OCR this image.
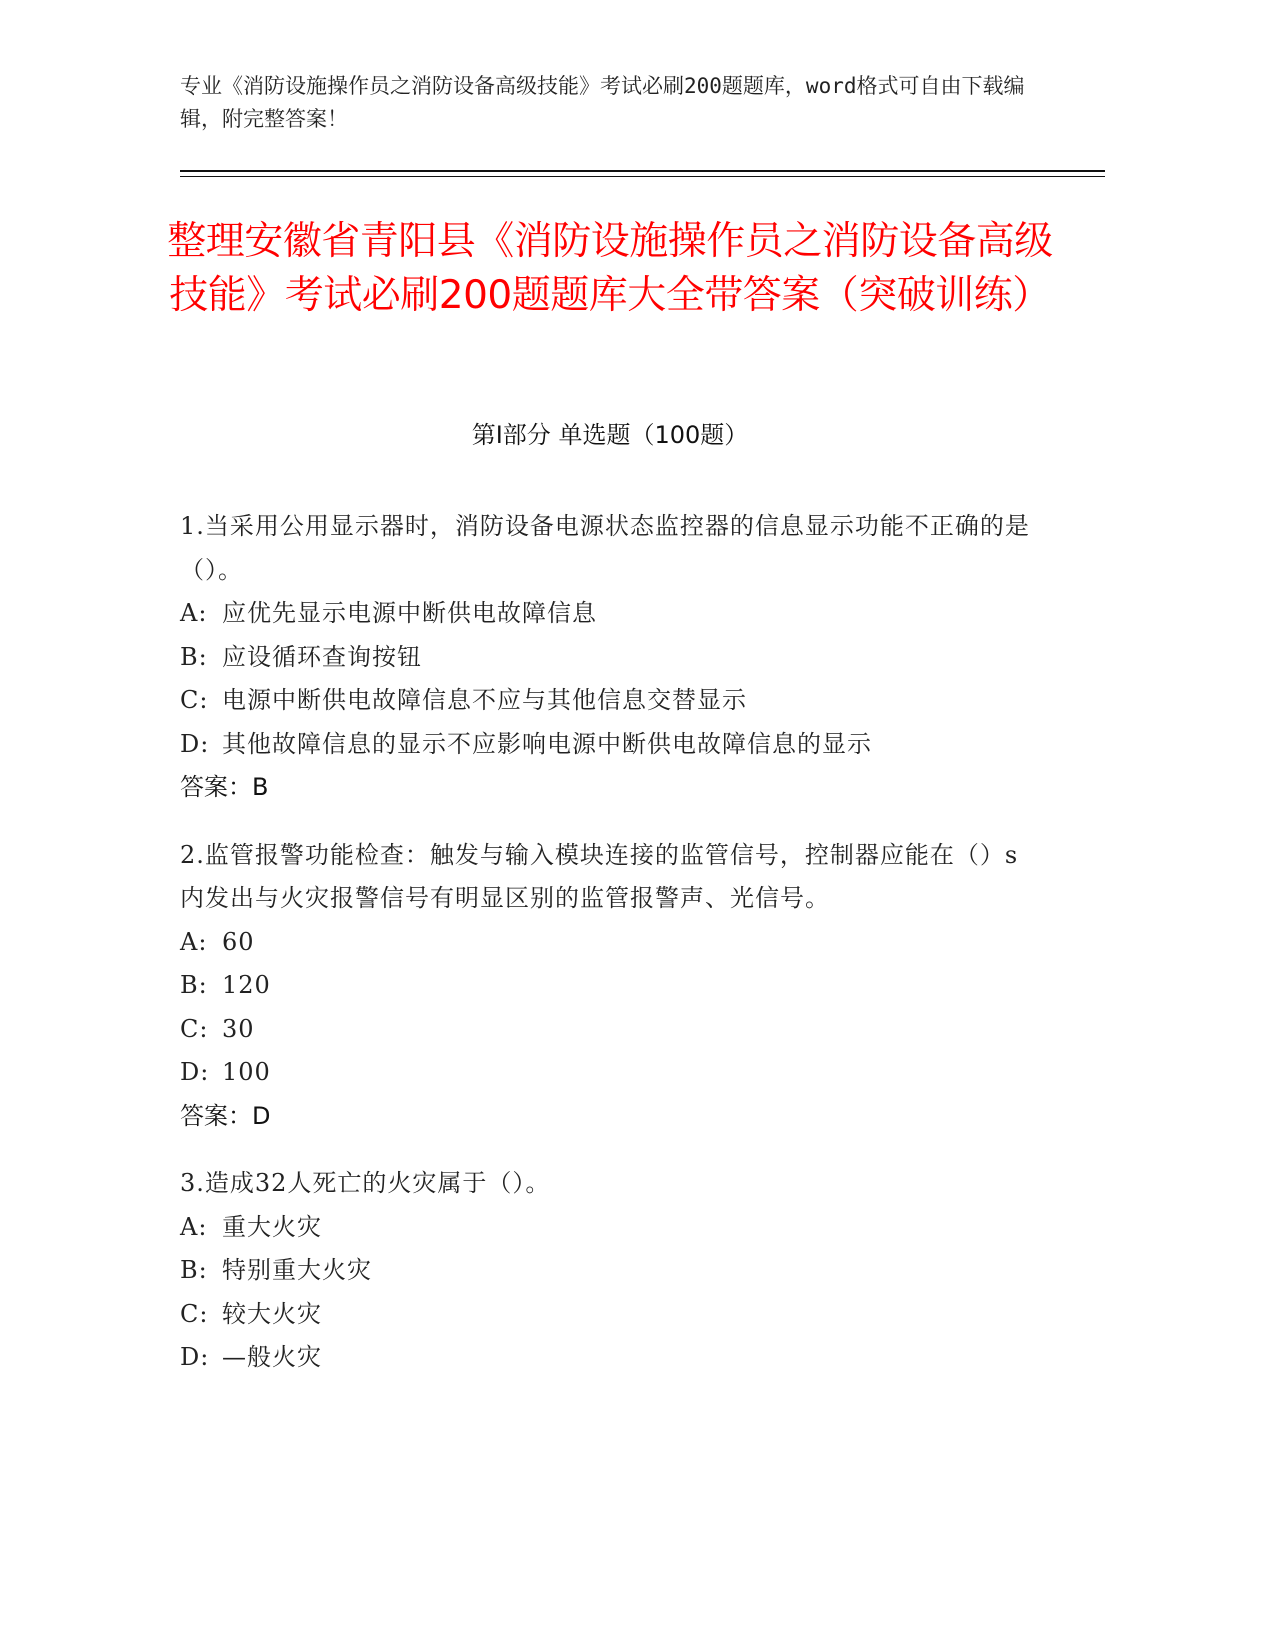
专业《消防设施操作员之消防设备高级技能》考试必刷200题题库，word格式可自由下载编辑，附完整答案！
整理安徽省青阳县《消防设施操作员之消防设备高级技能》考试必刷200题题库大全带答案（突破训练）
第I部分 单选题（100题）
1.当采用公用显示器时，消防设备电源状态监控器的信息显示功能不正确的是（）。
A: 应优先显示电源中断供电故障信息
B: 应设循环查询按钮
C: 电源中断供电故障信息不应与其他信息交替显示
D: 其他故障信息的显示不应影响电源中断供电故障信息的显示
答案：B
2.监管报警功能检查：触发与输入模块连接的监管信号，控制器应能在（）s内发出与火灾报警信号有明显区别的监管报警声、光信号。
A: 60
B: 120
C: 30
D: 100
答案：D
3.造成32人死亡的火灾属于（）。
A: 重大火灾
B: 特别重大火灾
C: 较大火灾
D: —般火灾
